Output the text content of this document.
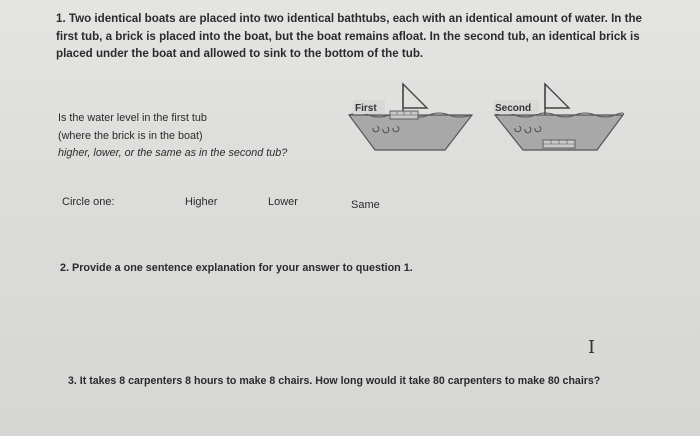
1. Two identical boats are placed into two identical bathtubs, each with an identical amount of water. In the first tub, a brick is placed into the boat, but the boat remains afloat. In the second tub, an identical brick is placed under the boat and allowed to sink to the bottom of the tub.
Is the water level in the first tub
(where the brick is in the boat)
higher, lower, or the same as in the second tub?
First	Second
Circle one:	Higher	Lower	Same
2. Provide a one sentence explanation for your answer to question 1.
I
3. It takes 8 carpenters 8 hours to make 8 chairs. How long would it take 80 carpenters to make 80 chairs?
